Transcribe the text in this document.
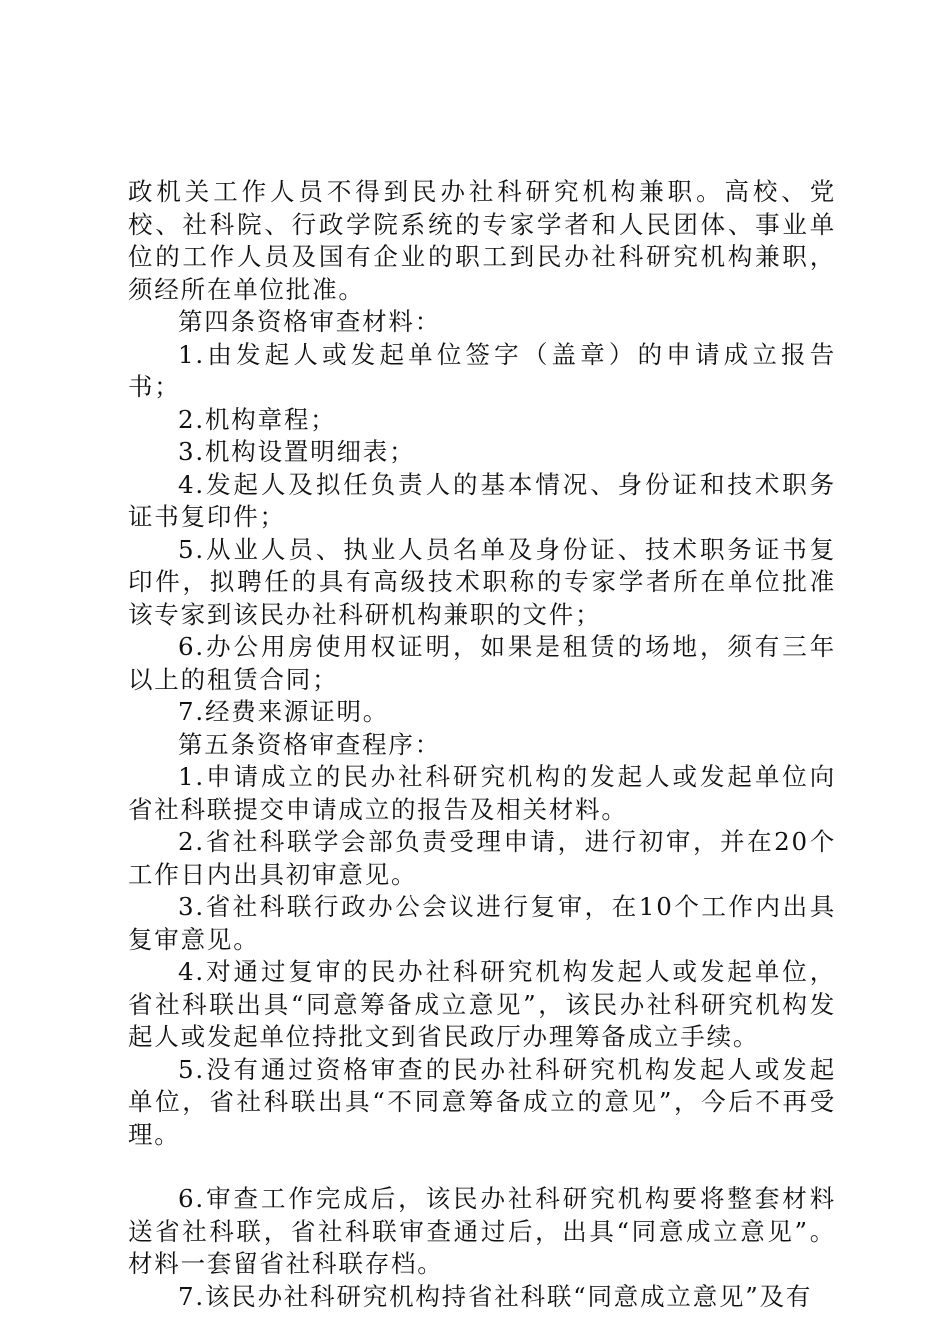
政机关工作人员不得到民办社科研究机构兼职。高校、党校、社科院、行政学院系统的专家学者和人民团体、事业单位的工作人员及国有企业的职工到民办社科研究机构兼职，须经所在单位批准。

第四条资格审查材料：

1.由发起人或发起单位签字（盖章）的申请成立报告书；

2.机构章程；

3.机构设置明细表；

4.发起人及拟任负责人的基本情况、身份证和技术职务证书复印件；

5.从业人员、执业人员名单及身份证、技术职务证书复印件，拟聘任的具有高级技术职称的专家学者所在单位批准该专家到该民办社科研机构兼职的文件；

6.办公用房使用权证明，如果是租赁的场地，须有三年以上的租赁合同；

7.经费来源证明。

第五条资格审查程序：

1.申请成立的民办社科研究机构的发起人或发起单位向省社科联提交申请成立的报告及相关材料。

2.省社科联学会部负责受理申请，进行初审，并在20个工作日内出具初审意见。

3.省社科联行政办公会议进行复审，在10个工作内出具复审意见。

4.对通过复审的民办社科研究机构发起人或发起单位，省社科联出具“同意筹备成立意见”，该民办社科研究机构发起人或发起单位持批文到省民政厅办理筹备成立手续。

5.没有通过资格审查的民办社科研究机构发起人或发起单位，省社科联出具“不同意筹备成立的意见”，今后不再受理。

6.审查工作完成后，该民办社科研究机构要将整套材料送省社科联，省社科联审查通过后，出具“同意成立意见”。材料一套留省社科联存档。

7.该民办社科研究机构持省社科联“同意成立意见”及有
